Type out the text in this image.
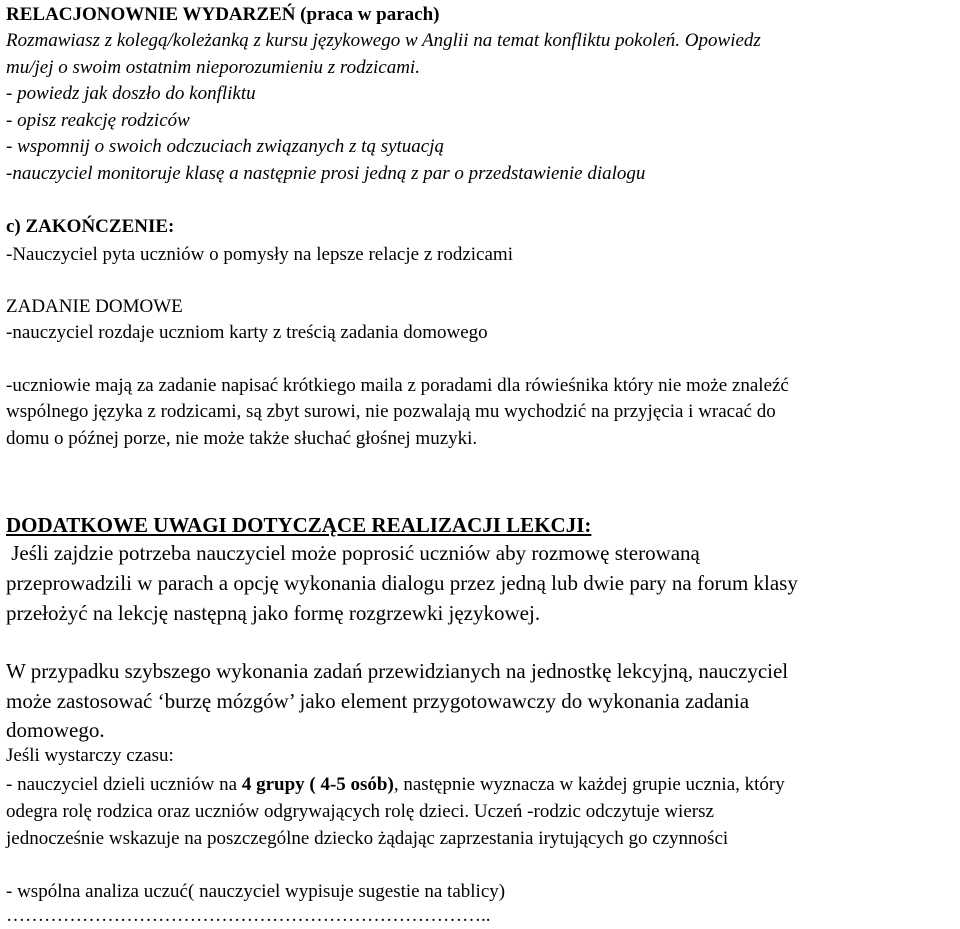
RELACJONOWNIE WYDARZEŃ (praca w parach)
Rozmawiasz z kolegą/koleżanką z kursu językowego w Anglii na temat konfliktu pokoleń. Opowiedz
mu/jej o swoim ostatnim nieporozumieniu z rodzicami.
- powiedz jak doszło do konfliktu
- opisz reakcję rodziców
- wspomnij o swoich odczuciach związanych z tą sytuacją
-nauczyciel monitoruje klasę a następnie prosi jedną z par o przedstawienie dialogu
c) ZAKOŃCZENIE:
-Nauczyciel pyta uczniów o pomysły na lepsze relacje z rodzicami
ZADANIE DOMOWE
-nauczyciel rozdaje uczniom karty z treścią zadania domowego
-uczniowie mają za zadanie napisać krótkiego maila z poradami dla rówieśnika który nie może znaleźć
wspólnego języka z rodzicami, są zbyt surowi, nie pozwalają mu wychodzić na przyjęcia i wracać do
domu o późnej porze, nie może także słuchać głośnej muzyki.
DODATKOWE UWAGI DOTYCZĄCE REALIZACJI LEKCJI:
Jeśli zajdzie potrzeba nauczyciel może poprosić uczniów aby rozmowę sterowaną
przeprowadzili w parach a opcję wykonania dialogu przez jedną lub dwie pary na forum klasy
przełożyć na lekcję następną jako formę rozgrzewki językowej.
W przypadku szybszego wykonania zadań przewidzianych na jednostkę lekcyjną, nauczyciel
może zastosować ‘burzę mózgów’ jako element przygotowawczy do wykonania zadania
domowego.
Jeśli wystarczy czasu:
- nauczyciel dzieli uczniów na 4 grupy ( 4-5 osób), następnie wyznacza w każdej grupie ucznia, który
odegra rolę rodzica oraz uczniów odgrywających rolę dzieci. Uczeń -rodzic odczytuje wiersz
jednocześnie wskazuje na poszczególne dziecko żądając zaprzestania irytujących go czynności
- wspólna analiza uczuć( nauczyciel wypisuje sugestie na tablicy)
…………………………………………………………………..
